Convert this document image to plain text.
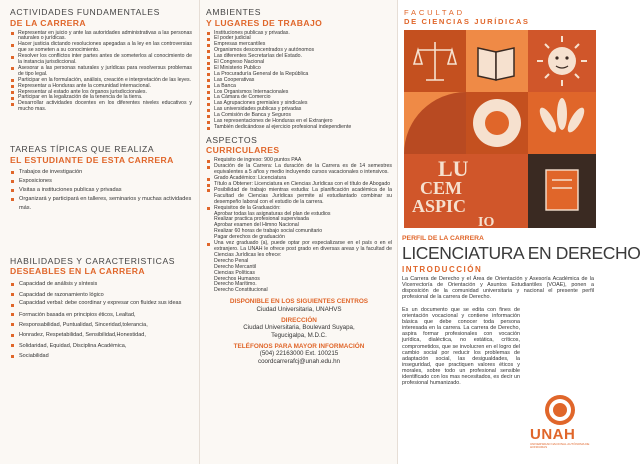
ACTIVIDADES FUNDAMENTALES

DE LA CARRERA

Representar en juicio y ante las autoridades administrativas a las personas naturales o jurídicas.
Hacer justicia dictando resoluciones apegadas a la ley en las controversias que se someten a su conocimiento.
Resolver los conflictos inter partes antes de someterlos al conocimiento de la instancia jurisdiccional.
Asesorar a las personas naturales y jurídicas para resolversus problemas de tipo legal.
Participar en la formulación, análisis, creación e interpretación de las leyes.
Representar a Honduras ante la comunidad internacional.
Representar al estado ante los órganos jurisdiccionales.
Participar en la legalización de la tenencia de la tierra.
Desarrollar actividades docentes en los diferentes niveles educativos y mucho mas.

TAREAS TÍPICAS QUE REALIZA

EL ESTUDIANTE DE ESTA CARRERA

Trabajos de investigación
Exposiciones
Visitas a instituciones publicas y privadas
Organizará y participará en talleres, seminarios y muchas actividades más.

HABILIDADES Y CARACTERISTICAS

DESEABLES EN LA CARRERA

Capacidad de análisis y síntesis
Capacidad de razonamiento lógico
Capacidad verbal: debe coordinar y expresar con fluidez sus ideas
Formación basada en principios éticos, Lealtad,
Responsabilidad, Puntualidad, Sinceridad,tolerancia,
Honradez, Respetabilidad, Sensibilidad,Honestidad,
Solidaridad, Equidad, Disciplina Académica,
Sociabilidad

AMBIENTES

Y LUGARES DE TRABAJO

Instituciones publicas y privadas.
El poder judicial
Empresas mercantiles
Organismos desconcentrados y autónomos
Las diferentes Secretarías del Estado.
El Congreso Nacional
El Ministerio Publico
La Procuraduría General de la República
Las Cooperativas
La Banca
Los Organismos Internacionales
La Cámara de Comercio
Las Agrupaciones gremiales y sindicales
Las universidades publicas y privadas
La Comisión de Banca y Seguros
Las representaciones de Honduras en el Extranjero
También dedicándose al ejercicio profesional independiente

ASPECTOS

CURRICULARES

Requisito de ingreso: 900 puntos PAA
Duración de la Carrera: La duración de la Carrera es de 14 semestres equivalentes a 5 años y medio incluyendo cursos vacacionales o intensivos.
Grado Académico: Licenciatura
Título a Obtener: Licenciatura en Ciencias Jurídicas con el título de Abogado
Posibilidad de trabajo mientras estudia: La planificación académica de la Facultad de Ciencias Jurídicas permite al estudiantado combinar su desempeño laboral con el estudio de la carrera.
Requisitos de la Graduación:
Aprobar todas las asignaturas del plan de estudios
Realizar practica profesional supervisada
Aprobar examen del Himno Nacional
Realizar 60 horas de trabajo social comunitario
Pagar derechos de graduación
Una vez graduado (a), puede optar por especializarse en el país o en el extranjero. La UNAH le ofrece post grado en diversas areas y la facultad de Ciencias Jurídicas les ofrece:
Derecho Penal
Derecho Mercantil
Ciencias Políticas
Derechos Humanos
Derecho Marítimo.
Derecho Constitucional
DISPONIBLE EN LOS SIGUIENTES CENTROS
Ciudad Universitaria, UNAHVS
DIRECCIÓN
Ciudad Universitaria, Boulevard Suyapa,
Tegucigalpa, M.D.C.
TELÉFONOS PARA MAYOR INFORMACIÓN
(504) 22163000 Ext. 100215
coordcarrerafcj@unah.edu.hn
FACULTAD
DE CIENCIAS JURÍDICAS
LU
CEM
ASPIC
IO
PERFIL DE LA CARRERA
LICENCIATURA EN DERECHO
INTRODUCCIÓN

La Carrera de Derecho y el Área de Orientación y Asesoría Académica de la Vicerrectoría de Orientación y Asuntos Estudiantiles (VOAE), ponen a disposición de la comunidad universitaria y nacional el presente perfil profesional de la carrera de Derecho.

Es un documento que se edita con fines de orientación vocacional y contiene información básica que debe conocer toda persona interesada en la carrera. La carrera de Derecho, aspira formar profesionales con vocación jurídica, dialéctica, no estática, críticos, comprometidos, que se involucren en el logro del cambio social por reducir los problemas de adaptación social, las desigualdades, la inseguridad, que practiquen valores éticos y morales, sobre todo un profesional sensible identificado con los mas necesitados, es decir un profesional humanizado.

UNAH
UNIVERSIDAD NACIONAL AUTÓNOMA DE HONDURAS
